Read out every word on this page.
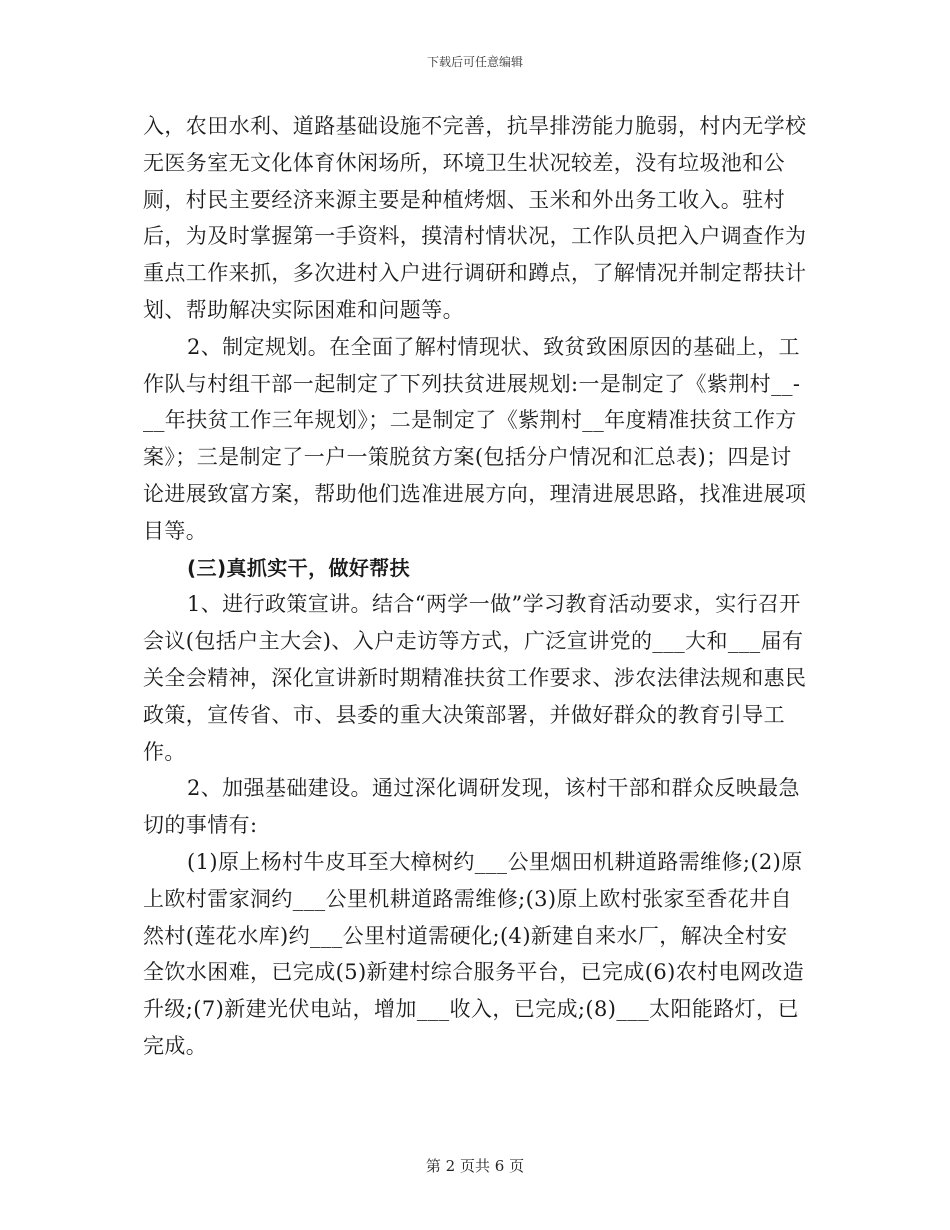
下载后可任意编辑

入，农田水利、道路基础设施不完善，抗旱排涝能力脆弱，村内无学校无医务室无文化体育休闲场所，环境卫生状况较差，没有垃圾池和公厕，村民主要经济来源主要是种植烤烟、玉米和外出务工收入。驻村后，为及时掌握第一手资料，摸清村情状况，工作队员把入户调查作为重点工作来抓，多次进村入户进行调研和蹲点，了解情况并制定帮扶计划、帮助解决实际困难和问题等。

2、制定规划。在全面了解村情现状、致贫致困原因的基础上，工作队与村组干部一起制定了下列扶贫进展规划:一是制定了《紫荆村__-__年扶贫工作三年规划》；二是制定了《紫荆村__年度精准扶贫工作方案》；三是制定了一户一策脱贫方案(包括分户情况和汇总表)；四是讨论进展致富方案，帮助他们选准进展方向，理清进展思路，找准进展项目等。

(三)真抓实干，做好帮扶

1、进行政策宣讲。结合“两学一做”学习教育活动要求，实行召开会议(包括户主大会)、入户走访等方式，广泛宣讲党的___大和___届有关全会精神，深化宣讲新时期精准扶贫工作要求、涉农法律法规和惠民政策，宣传省、市、县委的重大决策部署，并做好群众的教育引导工作。

2、加强基础建设。通过深化调研发现，该村干部和群众反映最急切的事情有:

(1)原上杨村牛皮耳至大樟树约___公里烟田机耕道路需维修;(2)原上欧村雷家洞约___公里机耕道路需维修;(3)原上欧村张家至香花井自然村(莲花水库)约___公里村道需硬化;(4)新建自来水厂，解决全村安全饮水困难，已完成(5)新建村综合服务平台，已完成(6)农村电网改造升级;(7)新建光伏电站，增加___收入，已完成;(8)___太阳能路灯，已完成。

第 2 页共 6 页
